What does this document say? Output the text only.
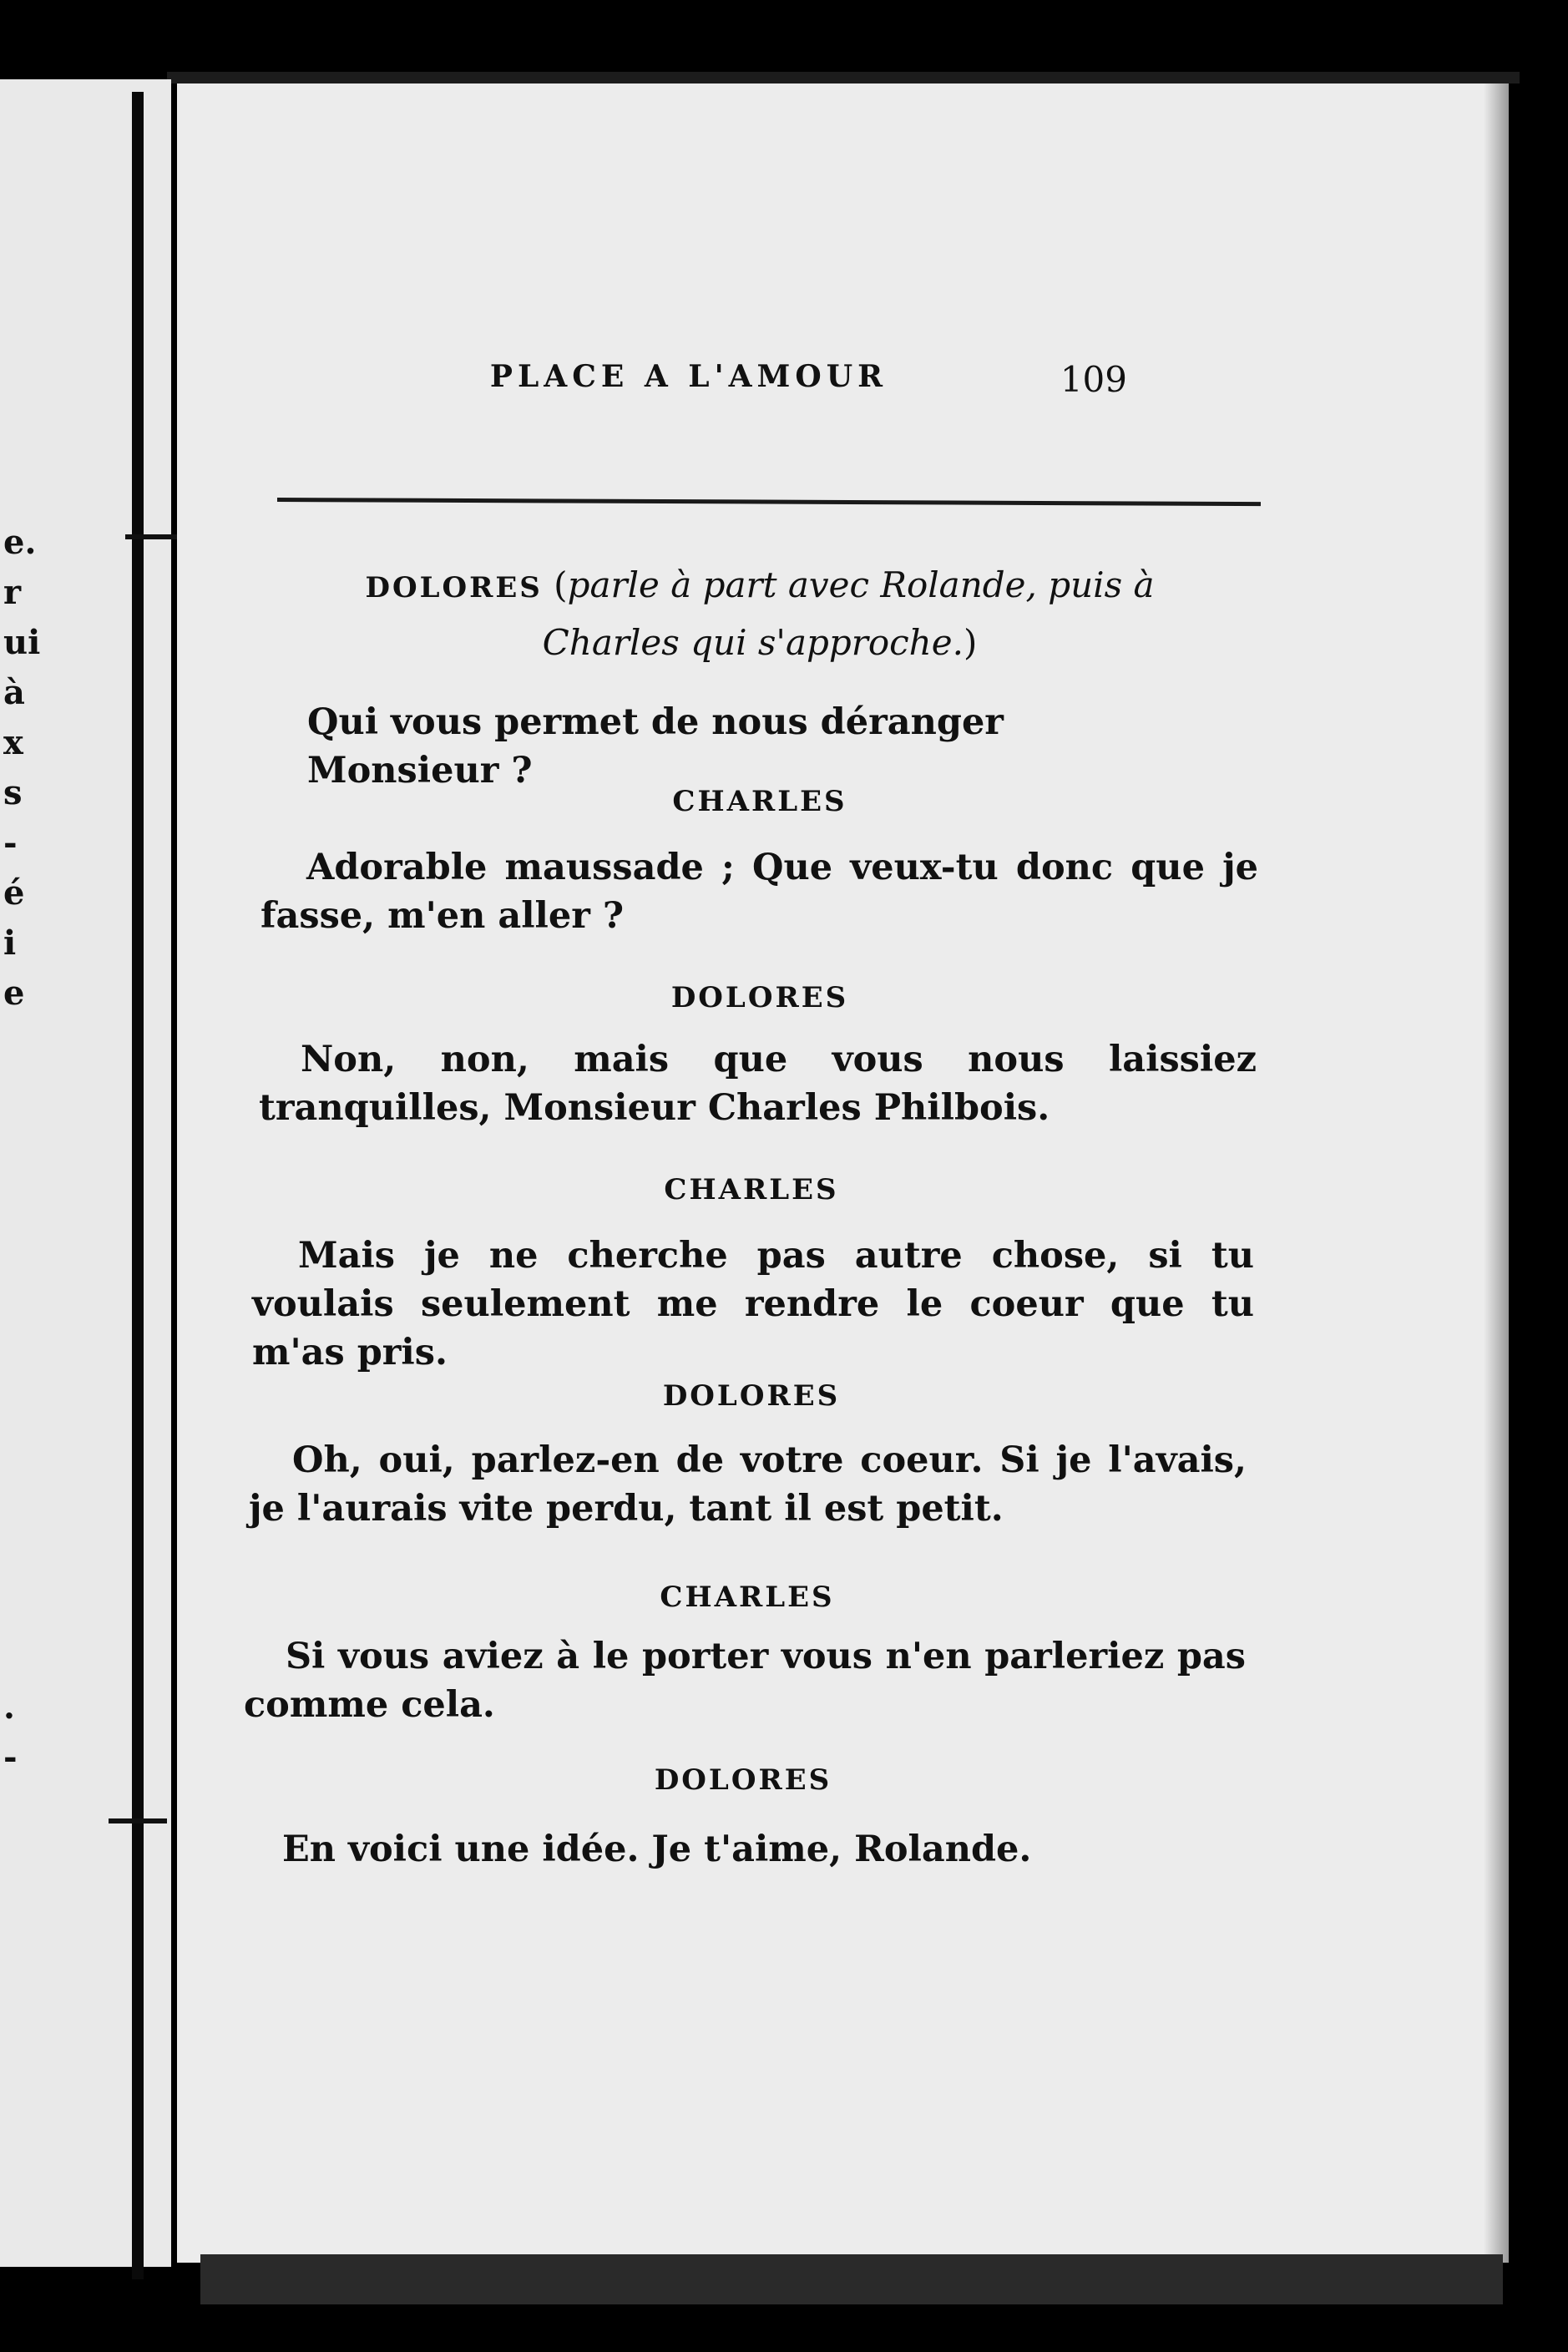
e.
r
ui
à
x
s
-
é
i
e
.
-
PLACE A L'AMOUR	109
DOLORES (parle à part avec Rolande, puis à
Charles qui s'approche.)
Qui vous permet de nous déranger Monsieur ?
CHARLES
Adorable maussade ; Que veux-tu donc que je fasse, m'en aller ?
DOLORES
Non, non, mais que vous nous laissiez tranquilles, Monsieur Charles Philbois.
CHARLES
Mais je ne cherche pas autre chose, si tu voulais seulement me rendre le coeur que tu m'as pris.
DOLORES
Oh, oui, parlez-en de votre coeur. Si je l'avais, je l'aurais vite perdu, tant il est petit.
CHARLES
Si vous aviez à le porter vous n'en parleriez pas comme cela.
DOLORES
En voici une idée. Je t'aime, Rolande.
